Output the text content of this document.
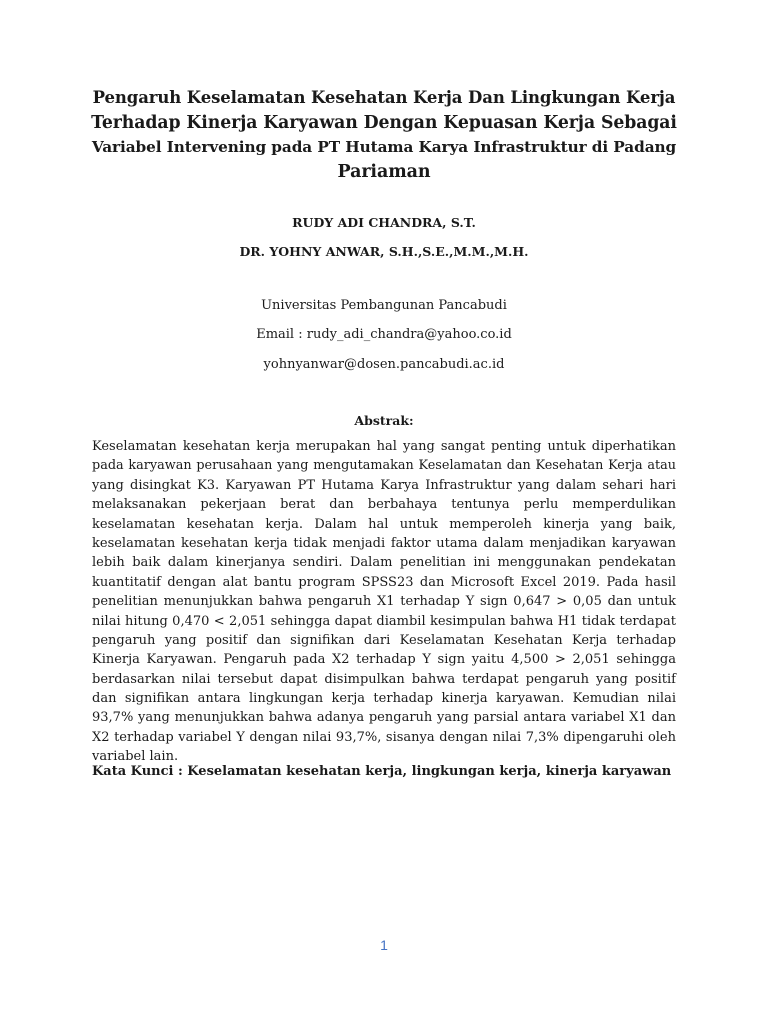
Pengaruh Keselamatan Kesehatan Kerja Dan Lingkungan Kerja
Terhadap Kinerja Karyawan Dengan Kepuasan Kerja Sebagai
Variabel Intervening pada PT Hutama Karya Infrastruktur di Padang
Pariaman
RUDY ADI CHANDRA, S.T.
DR. YOHNY ANWAR, S.H.,S.E.,M.M.,M.H.
Universitas Pembangunan Pancabudi
Email : rudy_adi_chandra@yahoo.co.id
yohnyanwar@dosen.pancabudi.ac.id
Abstrak:
Keselamatan kesehatan kerja merupakan hal yang sangat penting untuk diperhatikan
pada karyawan perusahaan yang mengutamakan Keselamatan dan Kesehatan Kerja atau
yang disingkat K3. Karyawan PT Hutama Karya Infrastruktur yang dalam sehari hari
melaksanakan pekerjaan berat dan berbahaya tentunya perlu memperdulikan
keselamatan kesehatan kerja. Dalam hal untuk memperoleh kinerja yang baik,
keselamatan kesehatan kerja tidak menjadi faktor utama dalam menjadikan karyawan
lebih baik dalam kinerjanya sendiri. Dalam penelitian ini menggunakan pendekatan
kuantitatif dengan alat bantu program SPSS23 dan Microsoft Excel 2019. Pada hasil
penelitian menunjukkan bahwa pengaruh X1 terhadap Y sign 0,647 > 0,05 dan untuk
nilai hitung 0,470 < 2,051 sehingga dapat diambil kesimpulan bahwa H1 tidak terdapat
pengaruh yang positif dan signifikan dari Keselamatan Kesehatan Kerja terhadap
Kinerja Karyawan. Pengaruh pada X2 terhadap Y sign yaitu 4,500 > 2,051 sehingga
berdasarkan nilai tersebut dapat disimpulkan bahwa terdapat pengaruh yang positif
dan signifikan antara lingkungan kerja terhadap kinerja karyawan. Kemudian nilai
93,7% yang menunjukkan bahwa adanya pengaruh yang parsial antara variabel X1 dan
X2 terhadap variabel Y dengan nilai 93,7%, sisanya dengan nilai 7,3% dipengaruhi oleh
variabel lain.
Kata Kunci : Keselamatan kesehatan kerja, lingkungan kerja, kinerja karyawan
1
